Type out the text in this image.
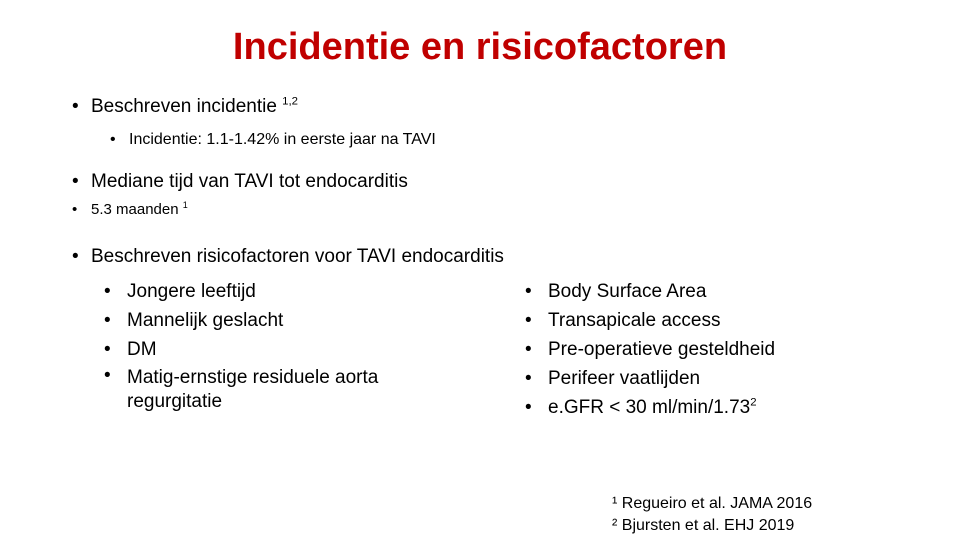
Incidentie en risicofactoren
• Beschreven incidentie $^{1,2}$
• Incidentie: 1.1-1.42% in eerste jaar na TAVI
• Mediane tijd van TAVI tot endocarditis
• 5.3 maanden $^1$
• Beschreven risicofactoren voor TAVI endocarditis
• Jongere leeftijd
• Mannelijk geslacht
• DM
• Matig-ernstige residuele aorta regurgitatie
• Body Surface Area
• Transapicale access
• Pre-operatieve gesteldheid
• Perifeer vaatlijden
• e.GFR < 30 ml/min/1.73$^2$
¹ Regueiro et al. JAMA 2016
² Bjursten et al. EHJ 2019
